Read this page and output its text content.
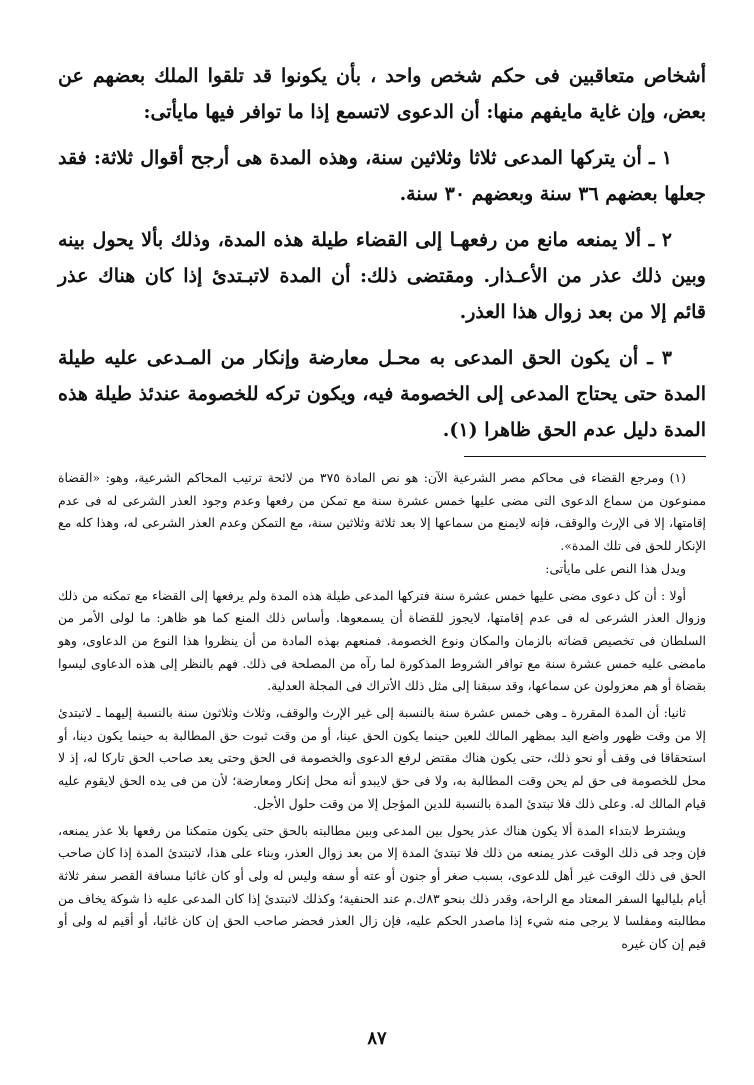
أشخاص متعاقبين فى حكم شخص واحد ، بأن يكونوا قد تلقوا الملك بعضهم عن بعض، وإن غاية مايفهم منها: أن الدعوى لاتسمع إذا ما توافر فيها مايأتى:

١ ـ أن يتركها المدعى ثلاثا وثلاثين سنة، وهذه المدة هى أرجح أقوال ثلاثة: فقد جعلها بعضهم ٣٦ سنة وبعضهم ٣٠ سنة.

٢ ـ ألا يمنعه مانع من رفعهـا إلى القضاء طيلة هذه المدة، وذلك بألا يحول بينه وبين ذلك عذر من الأعـذار. ومقتضى ذلك: أن المدة لاتبـتدئ إذا كان هناك عذر قائم إلا من بعد زوال هذا العذر.

٣ ـ أن يكون الحق المدعى به محـل معارضة وإنكار من المـدعى عليه طيلة المدة حتى يحتاج المدعى إلى الخصومة فيه، ويكون تركه للخصومة عندئذ طيلة هذه المدة دليل عدم الحق ظاهرا (١).

(١) ومرجع القضاء فى محاكم مصر الشرعية الآن: هو نص المادة ٣٧٥ من لائحة ترتيب المحاكم الشرعية، وهو: «القضاة ممنوعون من سماع الدعوى التى مضى عليها خمس عشرة سنة مع تمكن من رفعها وعدم وجود العذر الشرعى له فى عدم إقامتها، إلا فى الإرث والوقف، فإنه لايمنع من سماعها إلا بعد ثلاثة وثلاثين سنة، مع التمكن وعدم العذر الشرعى له، وهذا كله مع الإنكار للحق فى تلك المدة».

ويدل هذا النص على مايأتى:

أولا : أن كل دعوى مضى عليها خمس عشرة سنة فتركها المدعى طيلة هذه المدة ولم يرفعها إلى القضاء مع تمكنه من ذلك وزوال العذر الشرعى له فى عدم إقامتها، لايجوز للقضاة أن يسمعوها. وأساس ذلك المنع كما هو ظاهر: ما لولى الأمر من السلطان فى تخصيص قضاته بالزمان والمكان ونوع الخصومة. فمنعهم بهذه المادة من أن ينظروا هذا النوع من الدعاوى، وهو مامضى عليه خمس عشرة سنة مع توافر الشروط المذكورة لما رآه من المصلحة فى ذلك. فهم بالنظر إلى هذه الدعاوى ليسوا بقضاة أو هم معزولون عن سماعها، وقد سبقنا إلى مثل ذلك الأتراك فى المجلة العدلية.

ثانيا: أن المدة المقررة ـ وهى خمس عشرة سنة بالنسبة إلى غير الإرث والوقف، وثلاث وثلاثون سنة بالنسبة إليهما ـ لاتبتدئ إلا من وقت ظهور واضع اليد بمظهر المالك للعين حينما يكون الحق عينا، أو من وقت ثبوت حق المطالبة به حينما يكون دينا، أو استحقاقا فى وقف أو نحو ذلك، حتى يكون هناك مقتض لرفع الدعوى والخصومة فى الحق وحتى يعد صاحب الحق تاركا له، إذ لا محل للخصومة فى حق لم يحن وقت المطالبة به، ولا فى حق لايبدو أنه محل إنكار ومعارضة؛ لأن من فى يده الحق لايقوم عليه قيام المالك له. وعلى ذلك فلا تبتدئ المدة بالنسبة للدين المؤجل إلا من وقت حلول الأجل.

ويشترط لابتداء المدة ألا يكون هناك عذر يحول بين المدعى وبين مطالبته بالحق حتى يكون متمكنا من رفعها بلا عذر يمنعه، فإن وجد فى ذلك الوقت عذر يمنعه من ذلك فلا تبتدئ المدة إلا من بعد زوال العذر، وبناء على هذا، لاتبتدئ المدة إذا كان صاحب الحق فى ذلك الوقت غير أهل للدعوى، بسبب صغر أو جنون أو عته أو سفه وليس له ولى أو كان غائبا مسافة القصر سفر ثلاثة أيام بلياليها السفر المعتاد مع الراحة، وقدر ذلك بنحو ٨٣ك.م عند الحنفية؛ وكذلك لاتبتدئ إذا كان المدعى عليه ذا شوكة يخاف من مطالبته ومفلسا لا يرجى منه شيء إذا ماصدر الحكم عليه، فإن زال العذر فحضر صاحب الحق إن كان غائبا، أو أقيم له ولى أو قيم إن كان غيره

٨٧
